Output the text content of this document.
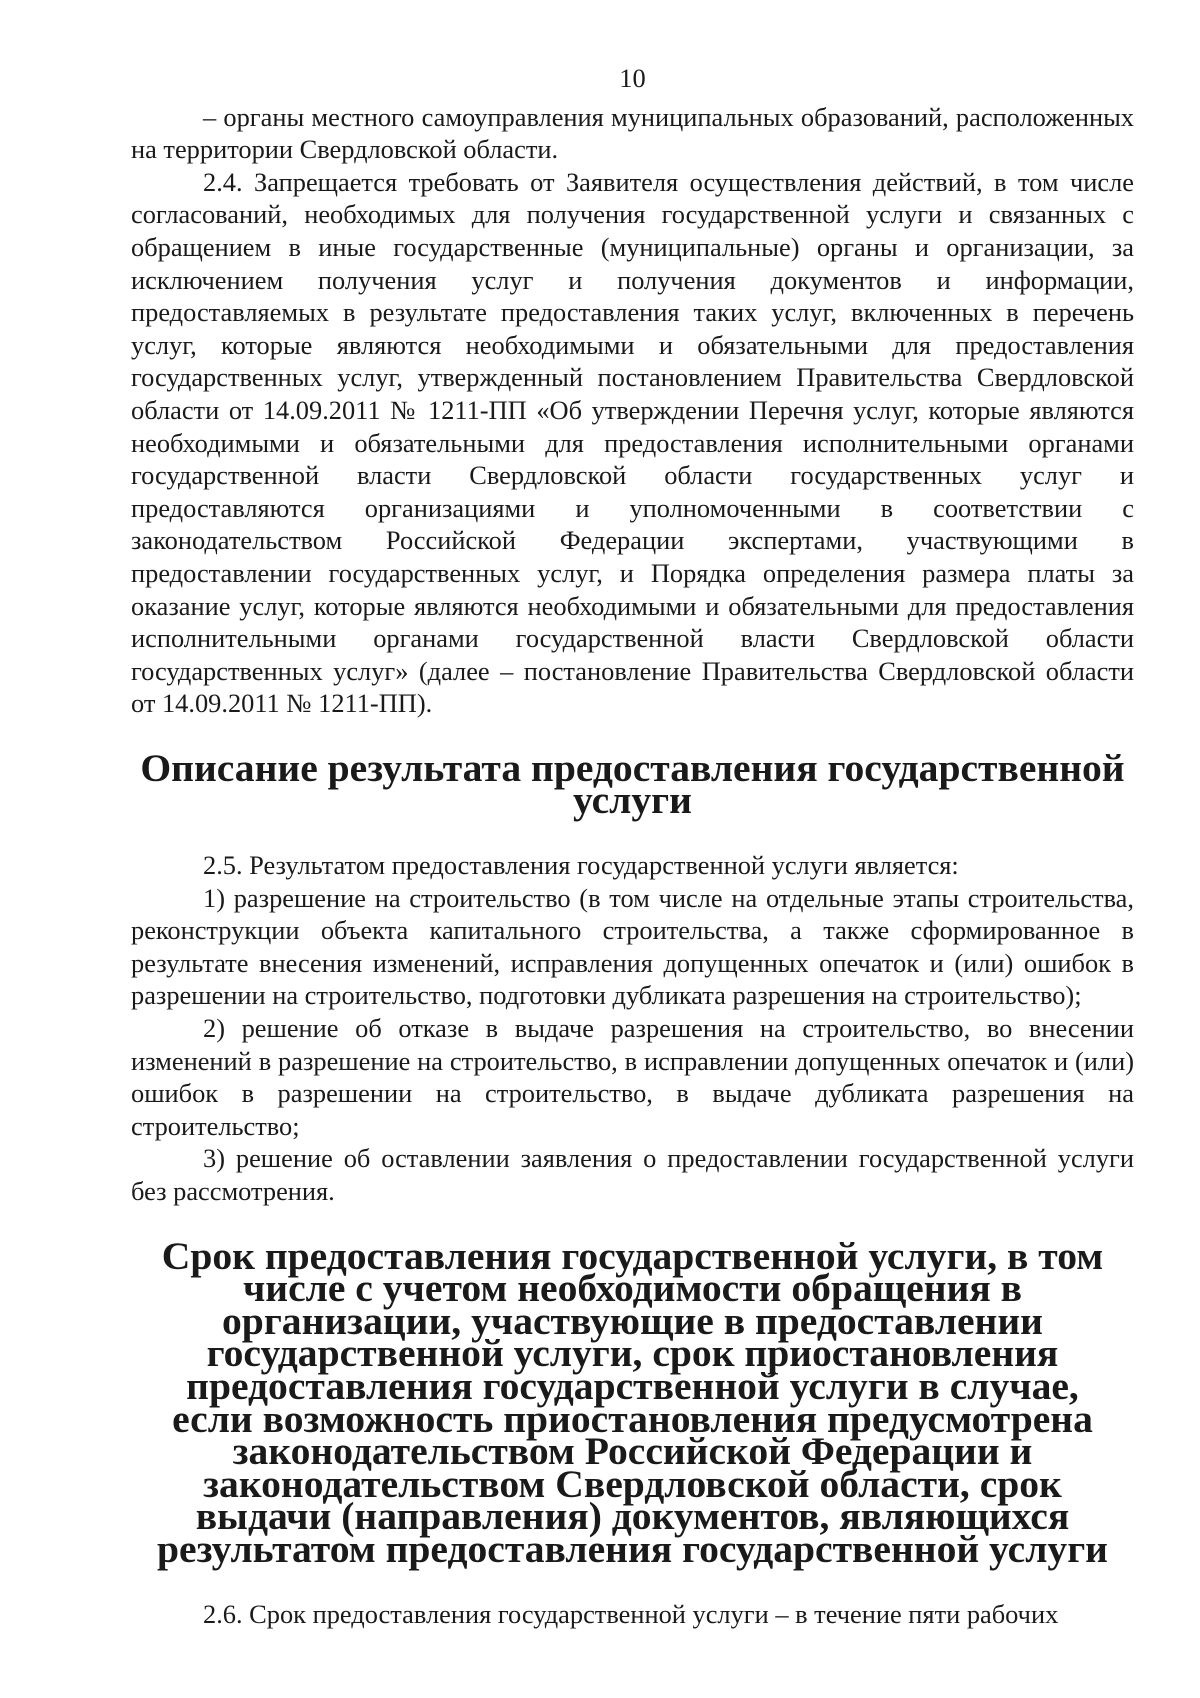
10

– органы местного самоуправления муниципальных образований, расположенных на территории Свердловской области.

2.4. Запрещается требовать от Заявителя осуществления действий, в том числе согласований, необходимых для получения государственной услуги и связанных с обращением в иные государственные (муниципальные) органы и организации, за исключением получения услуг и получения документов и информации, предоставляемых в результате предоставления таких услуг, включенных в перечень услуг, которые являются необходимыми и обязательными для предоставления государственных услуг, утвержденный постановлением Правительства Свердловской области от 14.09.2011 № 1211-ПП «Об утверждении Перечня услуг, которые являются необходимыми и обязательными для предоставления исполнительными органами государственной власти Свердловской области государственных услуг и предоставляются организациями и уполномоченными в соответствии с законодательством Российской Федерации экспертами, участвующими в предоставлении государственных услуг, и Порядка определения размера платы за оказание услуг, которые являются необходимыми и обязательными для предоставления исполнительными органами государственной власти Свердловской области государственных услуг» (далее – постановление Правительства Свердловской области от 14.09.2011 № 1211-ПП).

Описание результата предоставления государственной услуги

2.5. Результатом предоставления государственной услуги является:

1) разрешение на строительство (в том числе на отдельные этапы строительства, реконструкции объекта капитального строительства, а также сформированное в результате внесения изменений, исправления допущенных опечаток и (или) ошибок в разрешении на строительство, подготовки дубликата разрешения на строительство);

2) решение об отказе в выдаче разрешения на строительство, во внесении изменений в разрешение на строительство, в исправлении допущенных опечаток и (или) ошибок в разрешении на строительство, в выдаче дубликата разрешения на строительство;

3) решение об оставлении заявления о предоставлении государственной услуги без рассмотрения.

Срок предоставления государственной услуги, в том числе с учетом необходимости обращения в организации, участвующие в предоставлении государственной услуги, срок приостановления предоставления государственной услуги в случае, если возможность приостановления предусмотрена законодательством Российской Федерации и законодательством Свердловской области, срок выдачи (направления) документов, являющихся результатом предоставления государственной услуги

2.6. Срок предоставления государственной услуги – в течение пяти рабочих
